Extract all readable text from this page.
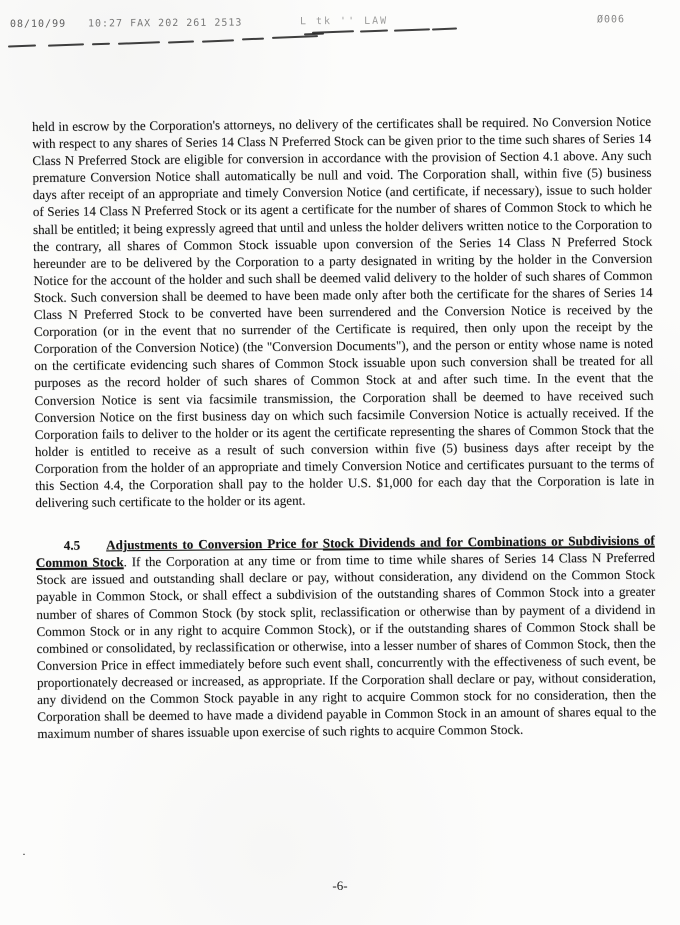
08/10/99 10:27 FAX 202 261 2513	L tk '' LAW	Ø006

held in escrow by the Corporation's attorneys, no delivery of the certificates shall be required. No Conversion Notice with respect to any shares of Series 14 Class N Preferred Stock can be given prior to the time such shares of Series 14 Class N Preferred Stock are eligible for conversion in accordance with the provision of Section 4.1 above. Any such premature Conversion Notice shall automatically be null and void. The Corporation shall, within five (5) business days after receipt of an appropriate and timely Conversion Notice (and certificate, if necessary), issue to such holder of Series 14 Class N Preferred Stock or its agent a certificate for the number of shares of Common Stock to which he shall be entitled; it being expressly agreed that until and unless the holder delivers written notice to the Corporation to the contrary, all shares of Common Stock issuable upon conversion of the Series 14 Class N Preferred Stock hereunder are to be delivered by the Corporation to a party designated in writing by the holder in the Conversion Notice for the account of the holder and such shall be deemed valid delivery to the holder of such shares of Common Stock. Such conversion shall be deemed to have been made only after both the certificate for the shares of Series 14 Class N Preferred Stock to be converted have been surrendered and the Conversion Notice is received by the Corporation (or in the event that no surrender of the Certificate is required, then only upon the receipt by the Corporation of the Conversion Notice) (the "Conversion Documents"), and the person or entity whose name is noted on the certificate evidencing such shares of Common Stock issuable upon such conversion shall be treated for all purposes as the record holder of such shares of Common Stock at and after such time. In the event that the Conversion Notice is sent via facsimile transmission, the Corporation shall be deemed to have received such Conversion Notice on the first business day on which such facsimile Conversion Notice is actually received. If the Corporation fails to deliver to the holder or its agent the certificate representing the shares of Common Stock that the holder is entitled to receive as a result of such conversion within five (5) business days after receipt by the Corporation from the holder of an appropriate and timely Conversion Notice and certificates pursuant to the terms of this Section 4.4, the Corporation shall pay to the holder U.S. $1,000 for each day that the Corporation is late in delivering such certificate to the holder or its agent.

4.5 Adjustments to Conversion Price for Stock Dividends and for Combinations or Subdivisions of Common Stock. If the Corporation at any time or from time to time while shares of Series 14 Class N Preferred Stock are issued and outstanding shall declare or pay, without consideration, any dividend on the Common Stock payable in Common Stock, or shall effect a subdivision of the outstanding shares of Common Stock into a greater number of shares of Common Stock (by stock split, reclassification or otherwise than by payment of a dividend in Common Stock or in any right to acquire Common Stock), or if the outstanding shares of Common Stock shall be combined or consolidated, by reclassification or otherwise, into a lesser number of shares of Common Stock, then the Conversion Price in effect immediately before such event shall, concurrently with the effectiveness of such event, be proportionately decreased or increased, as appropriate. If the Corporation shall declare or pay, without consideration, any dividend on the Common Stock payable in any right to acquire Common stock for no consideration, then the Corporation shall be deemed to have made a dividend payable in Common Stock in an amount of shares equal to the maximum number of shares issuable upon exercise of such rights to acquire Common Stock.

·
-6-
